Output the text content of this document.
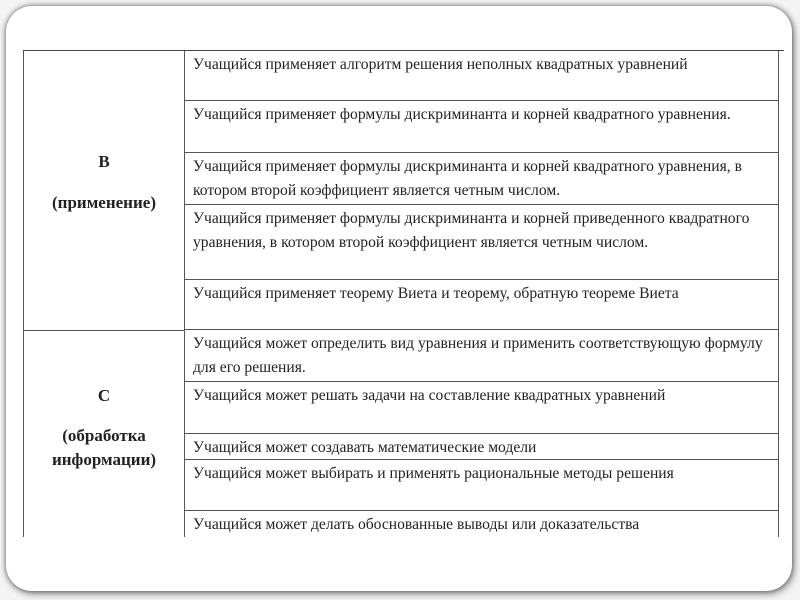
B
(применение)
C
(обработка информации)
Учащийся применяет алгоритм решения неполных квадратных уравнений
Учащийся применяет формулы дискриминанта и корней квадратного уравнения.
Учащийся применяет формулы дискриминанта и корней квадратного уравнения, в котором второй коэффициент является четным числом.
Учащийся применяет формулы дискриминанта и корней приведенного квадратного уравнения, в котором второй коэффициент является четным числом.
Учащийся применяет теорему Виета и теорему, обратную теореме Виета
Учащийся может определить вид уравнения и применить соответствующую формулу для его решения.
Учащийся может решать задачи на составление квадратных уравнений
Учащийся может создавать математические модели
Учащийся может выбирать и применять рациональные методы решения
Учащийся может делать обоснованные выводы или доказательства
